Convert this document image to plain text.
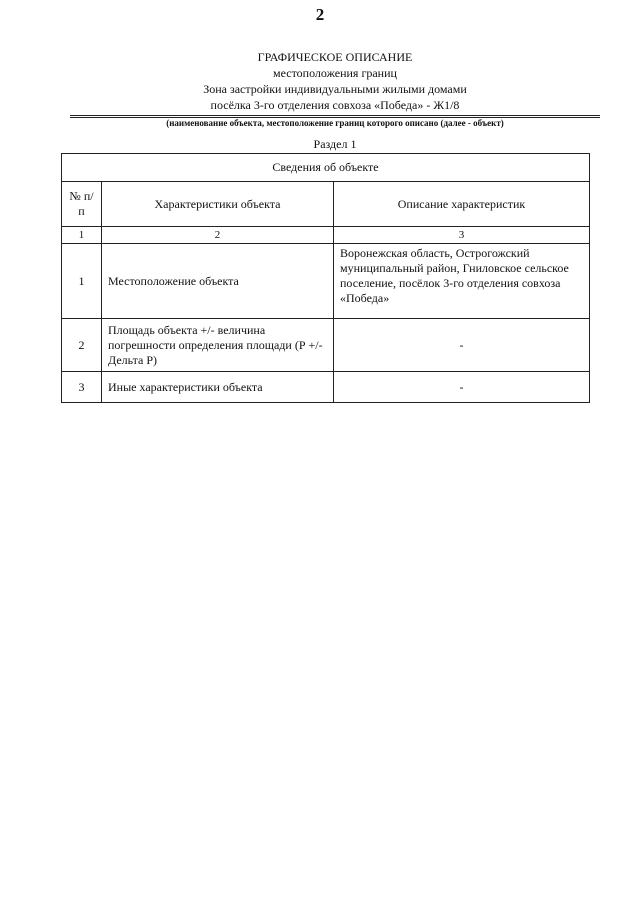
2
ГРАФИЧЕСКОЕ ОПИСАНИЕ
местоположения границ
Зона застройки индивидуальными жилыми домами
посёлка 3-го отделения совхоза «Победа» - Ж1/8
(наименование объекта, местоположение границ которого описано (далее - объект)
Раздел 1
Сведения об объекте		
№ п/п	Характеристики объекта	Описание характеристик
1	2	3
1	Местоположение объекта	Воронежская область, Острогожский муниципальный район, Гниловское сельское поселение, посёлок 3-го отделения совхоза «Победа»
2	Площадь объекта +/- величина погрешности определения площади (Р +/- Дельта Р)	-
3	Иные характеристики объекта	-
